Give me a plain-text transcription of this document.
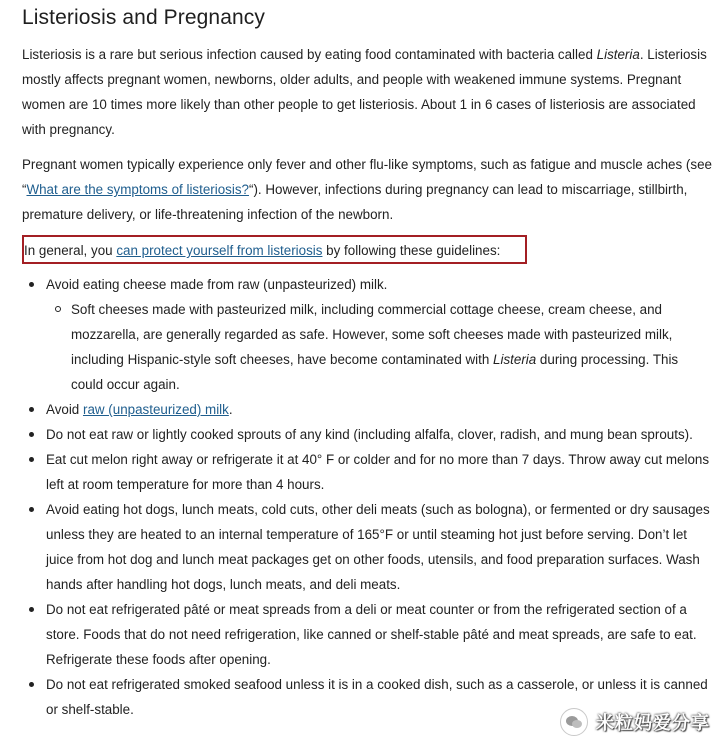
Listeriosis and Pregnancy

Listeriosis is a rare but serious infection caused by eating food contaminated with bacteria called Listeria. Listeriosis mostly affects pregnant women, newborns, older adults, and people with weakened immune systems. Pregnant women are 10 times more likely than other people to get listeriosis. About 1 in 6 cases of listeriosis are associated with pregnancy.

Pregnant women typically experience only fever and other flu-like symptoms, such as fatigue and muscle aches (see “What are the symptoms of listeriosis?“). However, infections during pregnancy can lead to miscarriage, stillbirth, premature delivery, or life-threatening infection of the newborn.

In general, you can protect yourself from listeriosis by following these guidelines:
Avoid eating cheese made from raw (unpasteurized) milk.
Soft cheeses made with pasteurized milk, including commercial cottage cheese, cream cheese, and mozzarella, are generally regarded as safe. However, some soft cheeses made with pasteurized milk, including Hispanic-style soft cheeses, have become contaminated with Listeria during processing. This could occur again.
Avoid raw (unpasteurized) milk.
Do not eat raw or lightly cooked sprouts of any kind (including alfalfa, clover, radish, and mung bean sprouts).
Eat cut melon right away or refrigerate it at 40° F or colder and for no more than 7 days. Throw away cut melons left at room temperature for more than 4 hours.
Avoid eating hot dogs, lunch meats, cold cuts, other deli meats (such as bologna), or fermented or dry sausages unless they are heated to an internal temperature of 165°F or until steaming hot just before serving. Don’t let juice from hot dog and lunch meat packages get on other foods, utensils, and food preparation surfaces. Wash hands after handling hot dogs, lunch meats, and deli meats.
Do not eat refrigerated pâté or meat spreads from a deli or meat counter or from the refrigerated section of a store. Foods that do not need refrigeration, like canned or shelf-stable pâté and meat spreads, are safe to eat. Refrigerate these foods after opening.
Do not eat refrigerated smoked seafood unless it is in a cooked dish, such as a casserole, or unless it is canned or shelf-stable.
米粒妈爱分享
